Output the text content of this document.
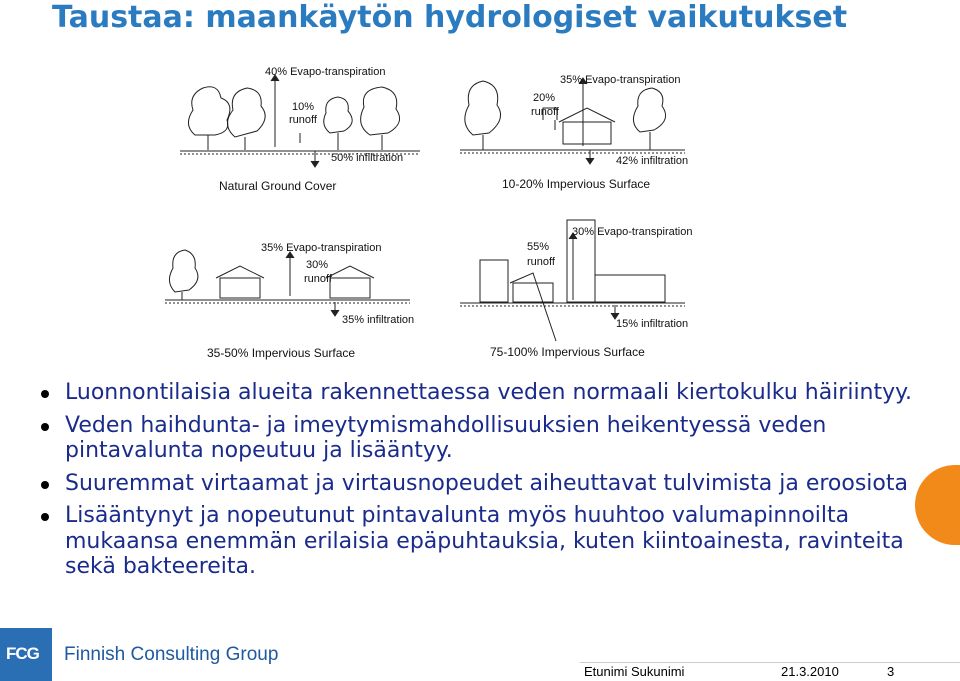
Taustaa: maankäytön hydrologiset vaikutukset
40% Evapo-transpiration
10%
runoff
50% infiltration
Natural Ground Cover
35% Evapo-transpiration
20%
runoff
42% infiltration
10-20% Impervious Surface
35% Evapo-transpiration
30%
runoff
35% infiltration
35-50% Impervious Surface
30% Evapo-transpiration
55%
runoff
15% infiltration
75-100% Impervious Surface
Luonnontilaisia alueita rakennettaessa veden normaali kiertokulku häiriintyy.
Veden haihdunta- ja imeytymismahdollisuuksien heikentyessä veden pintavalunta nopeutuu ja lisääntyy.
Suuremmat virtaamat ja virtausnopeudet aiheuttavat tulvimista ja eroosiota
Lisääntynyt ja nopeutunut pintavalunta myös huuhtoo valumapinnoilta mukaansa enemmän erilaisia epäpuhtauksia, kuten kiintoainesta, ravinteita sekä bakteereita.
FCG Finnish Consulting Group
Etunimi Sukunimi	21.3.2010	3
